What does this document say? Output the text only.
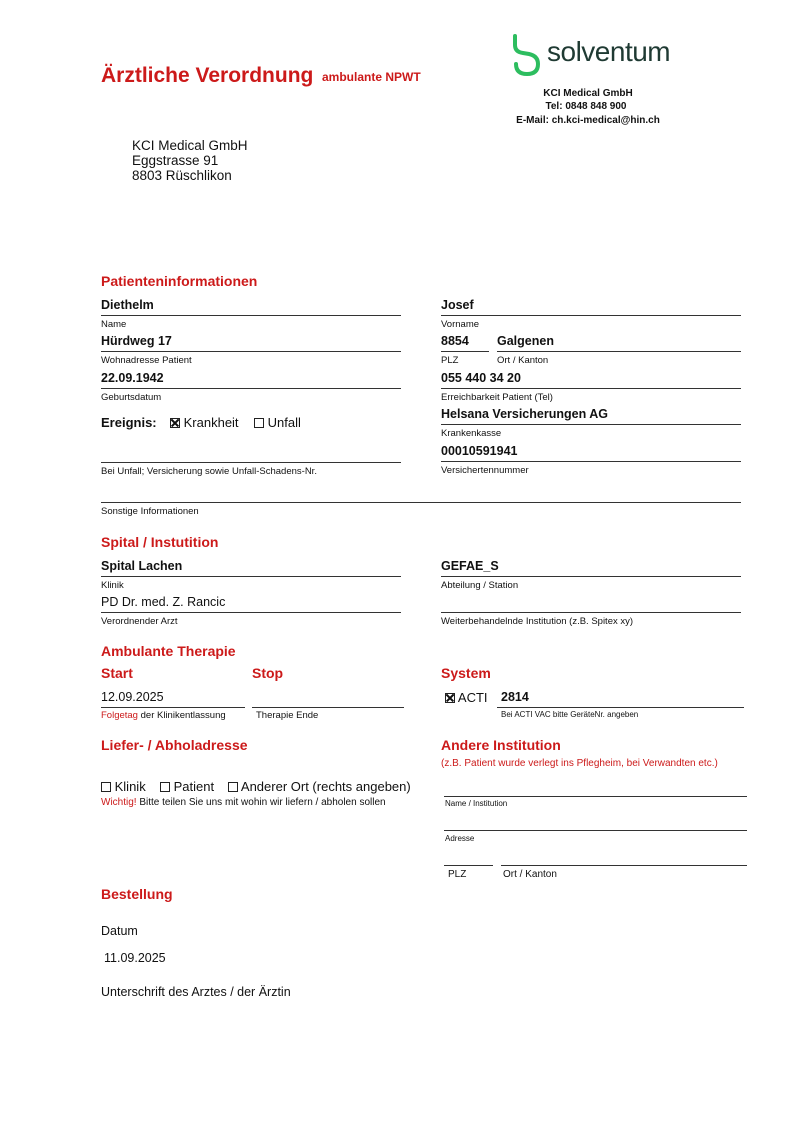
Ärztliche Verordnung ambulante NPWT
solventum
KCI Medical GmbH
Tel: 0848 848 900
E-Mail: ch.kci-medical@hin.ch
KCI Medical GmbH
Eggstrasse 91
8803 Rüschlikon
Patienteninformationen
Diethelm
Name
Josef
Vorname
Hürdweg 17
Wohnadresse Patient
8854
PLZ
Galgenen
Ort / Kanton
22.09.1942
Geburtsdatum
055 440 34 20
Erreichbarkeit Patient (Tel)
Ereignis:	Krankheit	Unfall
Bei Unfall; Versicherung sowie Unfall-Schadens-Nr.
Helsana Versicherungen AG
Krankenkasse
00010591941
Versichertennummer
Sonstige Informationen
Spital / Instutition
Spital Lachen
Klinik
GEFAE_S
Abteilung / Station
PD Dr. med. Z. Rancic
Verordnender Arzt	Weiterbehandelnde Institution (z.B. Spitex xy)
Ambulante Therapie
Start	Stop	System
12.09.2025
Folgetag der Klinikentlassung	Therapie Ende
ACTI 2814
Bei ACTI VAC bitte GeräteNr. angeben
Liefer- / Abholadresse
Klinik	Patient	Anderer Ort (rechts angeben)
Wichtig! Bitte teilen Sie uns mit wohin wir liefern / abholen sollen
Andere Institution
(z.B. Patient wurde verlegt ins Pflegheim, bei Verwandten etc.)
Name / Institution
Adresse
PLZ	Ort / Kanton
Bestellung
Datum
11.09.2025
Unterschrift des Arztes / der Ärztin
